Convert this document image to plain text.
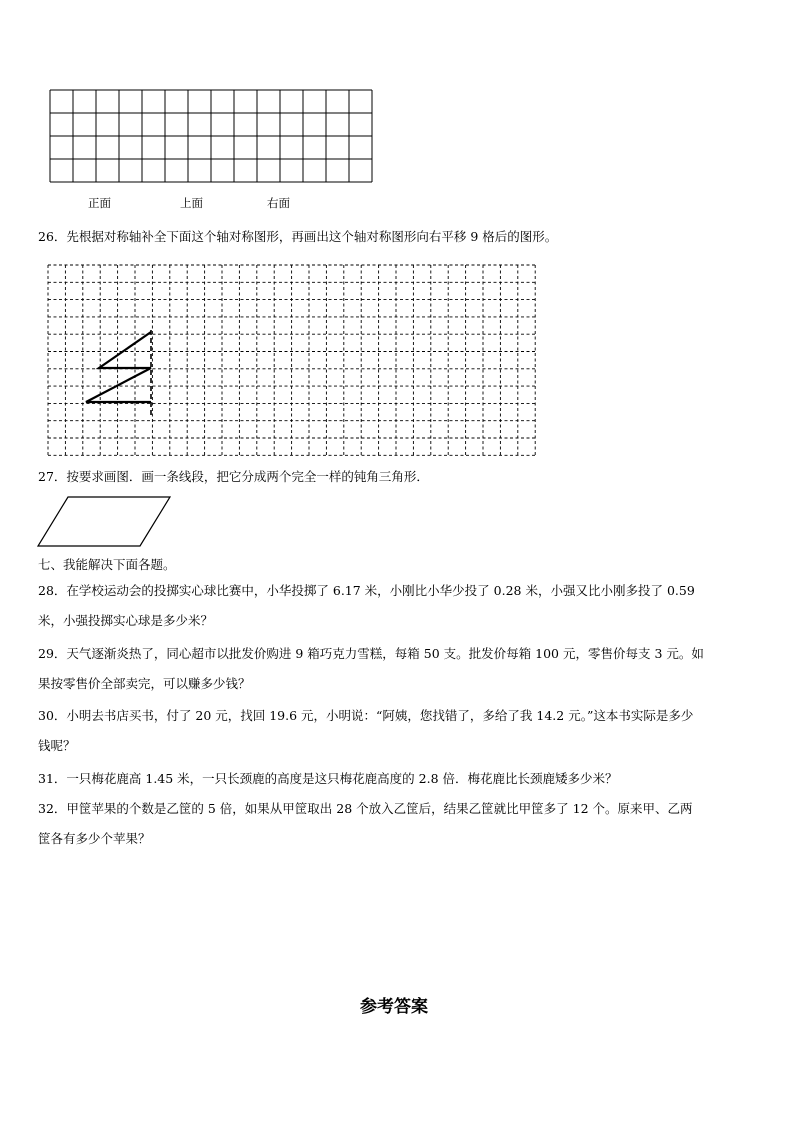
正面	上面	右面
26．先根据对称轴补全下面这个轴对称图形，再画出这个轴对称图形向右平移 9 格后的图形。
27．按要求画图．画一条线段，把它分成两个完全一样的钝角三角形．
七、我能解决下面各题。
28．在学校运动会的投掷实心球比赛中，小华投掷了 6.17 米，小刚比小华少投了 0.28 米，小强又比小刚多投了 0.59
米，小强投掷实心球是多少米？
29．天气逐渐炎热了，同心超市以批发价购进 9 箱巧克力雪糕，每箱 50 支。批发价每箱 100 元，零售价每支 3 元。如
果按零售价全部卖完，可以赚多少钱？
30．小明去书店买书，付了 20 元，找回 19.6 元，小明说：“阿姨，您找错了，多给了我 14.2 元。”这本书实际是多少
钱呢？
31．一只梅花鹿高 1.45 米，一只长颈鹿的高度是这只梅花鹿高度的 2.8 倍．梅花鹿比长颈鹿矮多少米？
32．甲筐苹果的个数是乙筐的 5 倍，如果从甲筐取出 28 个放入乙筐后，结果乙筐就比甲筐多了 12 个。原来甲、乙两
筐各有多少个苹果？
参考答案
